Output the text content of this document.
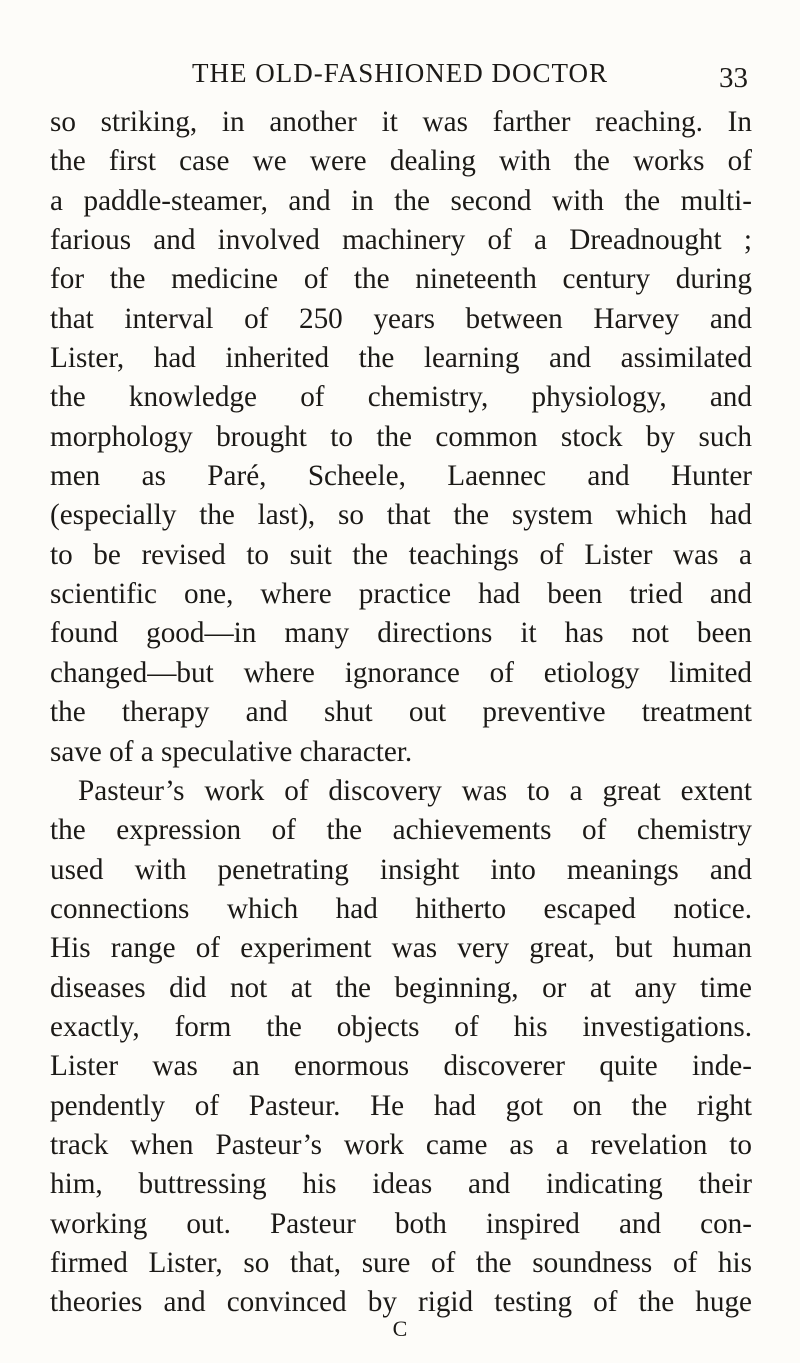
THE OLD-FASHIONED DOCTOR	33
so striking, in another it was farther reaching. In
the first case we were dealing with the works of
a paddle-steamer, and in the second with the multi-
farious and involved machinery of a Dreadnought ;
for the medicine of the nineteenth century during
that interval of 250 years between Harvey and
Lister, had inherited the learning and assimilated
the knowledge of chemistry, physiology, and
morphology brought to the common stock by such
men as Paré, Scheele, Laennec and Hunter
(especially the last), so that the system which had
to be revised to suit the teachings of Lister was a
scientific one, where practice had been tried and
found good—in many directions it has not been
changed—but where ignorance of etiology limited
the therapy and shut out preventive treatment
save of a speculative character.
Pasteur’s work of discovery was to a great extent
the expression of the achievements of chemistry
used with penetrating insight into meanings and
connections which had hitherto escaped notice.
His range of experiment was very great, but human
diseases did not at the beginning, or at any time
exactly, form the objects of his investigations.
Lister was an enormous discoverer quite inde-
pendently of Pasteur. He had got on the right
track when Pasteur’s work came as a revelation to
him, buttressing his ideas and indicating their
working out. Pasteur both inspired and con-
firmed Lister, so that, sure of the soundness of his
theories and convinced by rigid testing of the huge
C
